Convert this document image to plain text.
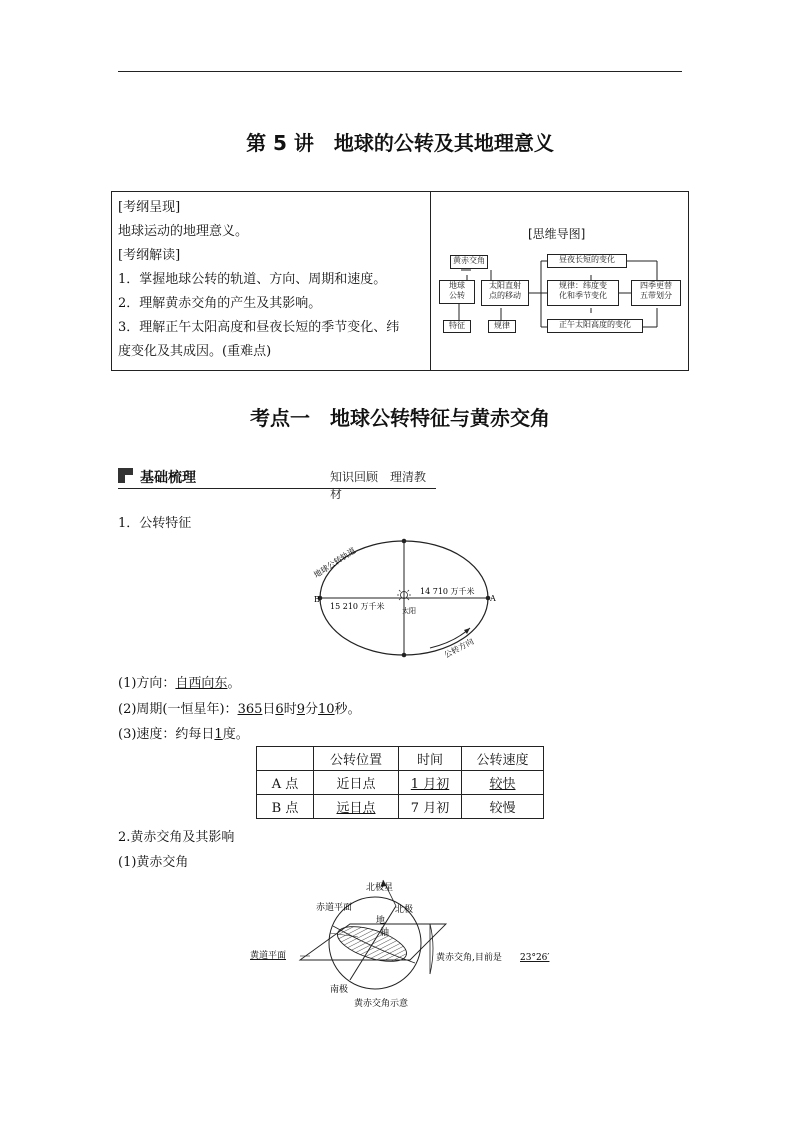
第 5 讲　地球的公转及其地理意义

[考纲呈现]

地球运动的地理意义。

[考纲解读]

1．掌握地球公转的轨道、方向、周期和速度。

2．理解黄赤交角的产生及其影响。

3．理解正午太阳高度和昼夜长短的季节变化、纬

度变化及其成因。(重难点)

[思维导图]
黄赤交角
地球
公转
太阳直射
点的移动
特征	规律
昼夜长短的变化
规律：纬度变
化和季节变化
正午太阳高度的变化
四季更替
五带划分
考点一　地球公转特征与黄赤交角
基础梳理	知识回顾　理清教材
1．公转特征
B	A
15 210 万千米
14 710 万千米
太阳
地球公转轨道
公转方向
(1)方向：自西向东。
(2)周期(一恒星年)：365日6时9分10秒。
(3)速度：约每日1度。
	公转位置	时间	公转速度
A 点	近日点	1 月初	较快
B 点	远日点	7 月初	较慢
2.黄赤交角及其影响
(1)黄赤交角
北极星
赤道平面	北极
地
轴
黄道平面	黄赤交角,目前是 23°26′
南极
黄赤交角示意
